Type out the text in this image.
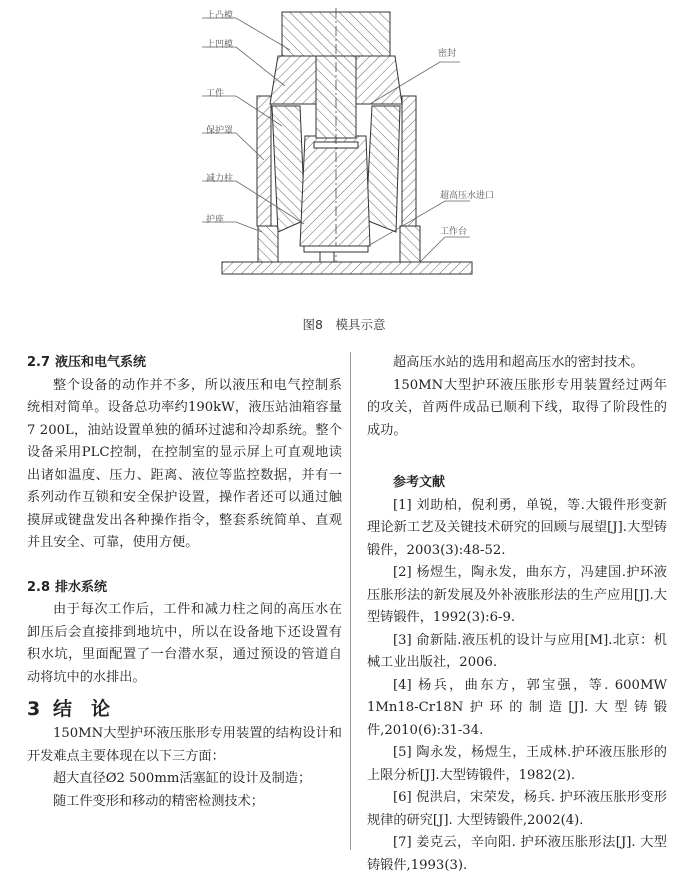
上凸模
上凹模
工件
保护罩
减力柱
护座
密封
超高压水进口
工作台
图8　模具示意

2.7 液压和电气系统

整个设备的动作并不多，所以液压和电气控制系统相对简单。设备总功率约190kW，液压站油箱容量7 200L，油站设置单独的循环过滤和冷却系统。整个设备采用PLC控制，在控制室的显示屏上可直观地读出诸如温度、压力、距离、液位等监控数据，并有一系列动作互锁和安全保护设置，操作者还可以通过触摸屏或键盘发出各种操作指令，整套系统简单、直观并且安全、可靠，使用方便。

2.8 排水系统

由于每次工作后，工件和减力柱之间的高压水在卸压后会直接排到地坑中，所以在设备地下还设置有积水坑，里面配置了一台潜水泵，通过预设的管道自动将坑中的水排出。

3 结　论

150MN大型护环液压胀形专用装置的结构设计和开发难点主要体现在以下三方面：

超大直径Ø2 500mm活塞缸的设计及制造；

随工件变形和移动的精密检测技术；

超高压水站的选用和超高压水的密封技术。

150MN大型护环液压胀形专用装置经过两年的攻关，首两件成品已顺利下线，取得了阶段性的成功。

参考文献

[1] 刘助柏，倪利勇，单锐，等.大锻件形变新理论新工艺及关键技术研究的回顾与展望[J].大型铸锻件，2003(3):48-52.

[2] 杨煜生，陶永发，曲东方，冯建国.护环液压胀形法的新发展及外补液胀形法的生产应用[J].大型铸锻件，1992(3):6-9.

[3] 俞新陆.液压机的设计与应用[M].北京：机械工业出版社，2006.

[4] 杨兵，曲东方，郭宝强，等. 600MW 1Mn18-Cr18N护环的制造[J].大型铸锻件,2010(6):31-34.

[5] 陶永发，杨煜生，王成林.护环液压胀形的上限分析[J].大型铸锻件，1982(2).

[6] 倪洪启，宋荣发，杨兵. 护环液压胀形变形规律的研究[J]. 大型铸锻件,2002(4).

[7] 姜克云，辛向阳. 护环液压胀形法[J]. 大型铸锻件,1993(3).
